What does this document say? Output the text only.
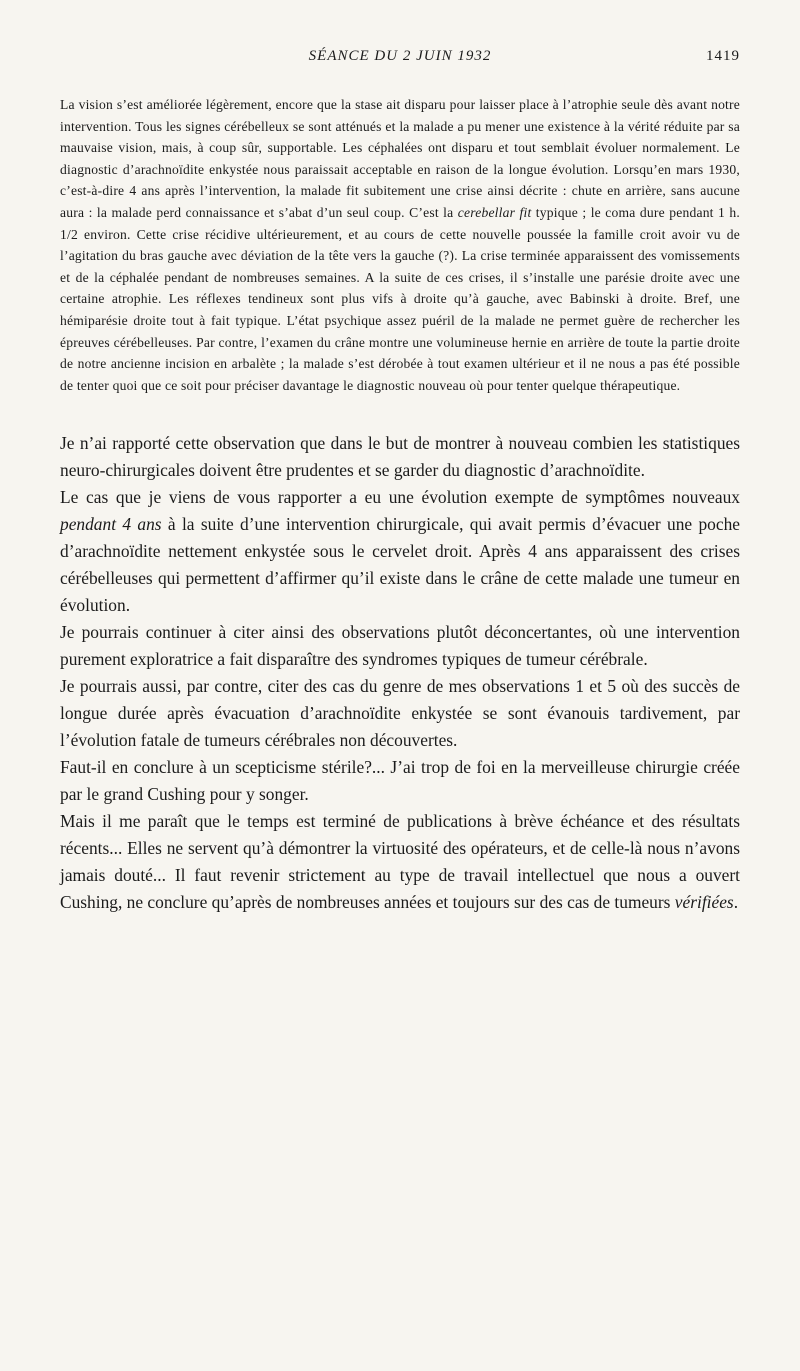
SÉANCE DU 2 JUIN 1932	1419

La vision s’est améliorée légèrement, encore que la stase ait disparu pour laisser place à l’atrophie seule dès avant notre intervention. Tous les signes cérébelleux se sont atténués et la malade a pu mener une existence à la vérité réduite par sa mauvaise vision, mais, à coup sûr, supportable. Les céphalées ont disparu et tout semblait évoluer normalement. Le diagnostic d’arachnoïdite enkystée nous paraissait acceptable en raison de la longue évolution. Lorsqu’en mars 1930, c’est-à-dire 4 ans après l’intervention, la malade fit subitement une crise ainsi décrite : chute en arrière, sans aucune aura : la malade perd connaissance et s’abat d’un seul coup. C’est la cerebellar fit typique ; le coma dure pendant 1 h. 1/2 environ. Cette crise récidive ultérieurement, et au cours de cette nouvelle poussée la famille croit avoir vu de l’agitation du bras gauche avec déviation de la tête vers la gauche (?). La crise terminée apparaissent des vomissements et de la céphalée pendant de nombreuses semaines. A la suite de ces crises, il s’installe une parésie droite avec une certaine atrophie. Les réflexes tendineux sont plus vifs à droite qu’à gauche, avec Babinski à droite. Bref, une hémiparésie droite tout à fait typique. L’état psychique assez puéril de la malade ne permet guère de rechercher les épreuves cérébelleuses. Par contre, l’examen du crâne montre une volumineuse hernie en arrière de toute la partie droite de notre ancienne incision en arbalète ; la malade s’est dérobée à tout examen ultérieur et il ne nous a pas été possible de tenter quoi que ce soit pour préciser davantage le diagnostic nouveau où pour tenter quelque thérapeutique.

Je n’ai rapporté cette observation que dans le but de montrer à nouveau combien les statistiques neuro-chirurgicales doivent être prudentes et se garder du diagnostic d’arachnoïdite.

Le cas que je viens de vous rapporter a eu une évolution exempte de symptômes nouveaux pendant 4 ans à la suite d’une intervention chirurgicale, qui avait permis d’évacuer une poche d’arachnoïdite nettement enkystée sous le cervelet droit. Après 4 ans apparaissent des crises cérébelleuses qui permettent d’affirmer qu’il existe dans le crâne de cette malade une tumeur en évolution.

Je pourrais continuer à citer ainsi des observations plutôt déconcertantes, où une intervention purement exploratrice a fait disparaître des syndromes typiques de tumeur cérébrale.

Je pourrais aussi, par contre, citer des cas du genre de mes observations 1 et 5 où des succès de longue durée après évacuation d’arachnoïdite enkystée se sont évanouis tardivement, par l’évolution fatale de tumeurs cérébrales non découvertes.

Faut-il en conclure à un scepticisme stérile?... J’ai trop de foi en la merveilleuse chirurgie créée par le grand Cushing pour y songer.

Mais il me paraît que le temps est terminé de publications à brève échéance et des résultats récents... Elles ne servent qu’à démontrer la virtuosité des opérateurs, et de celle-là nous n’avons jamais douté... Il faut revenir strictement au type de travail intellectuel que nous a ouvert Cushing, ne conclure qu’après de nombreuses années et toujours sur des cas de tumeurs vérifiées.
